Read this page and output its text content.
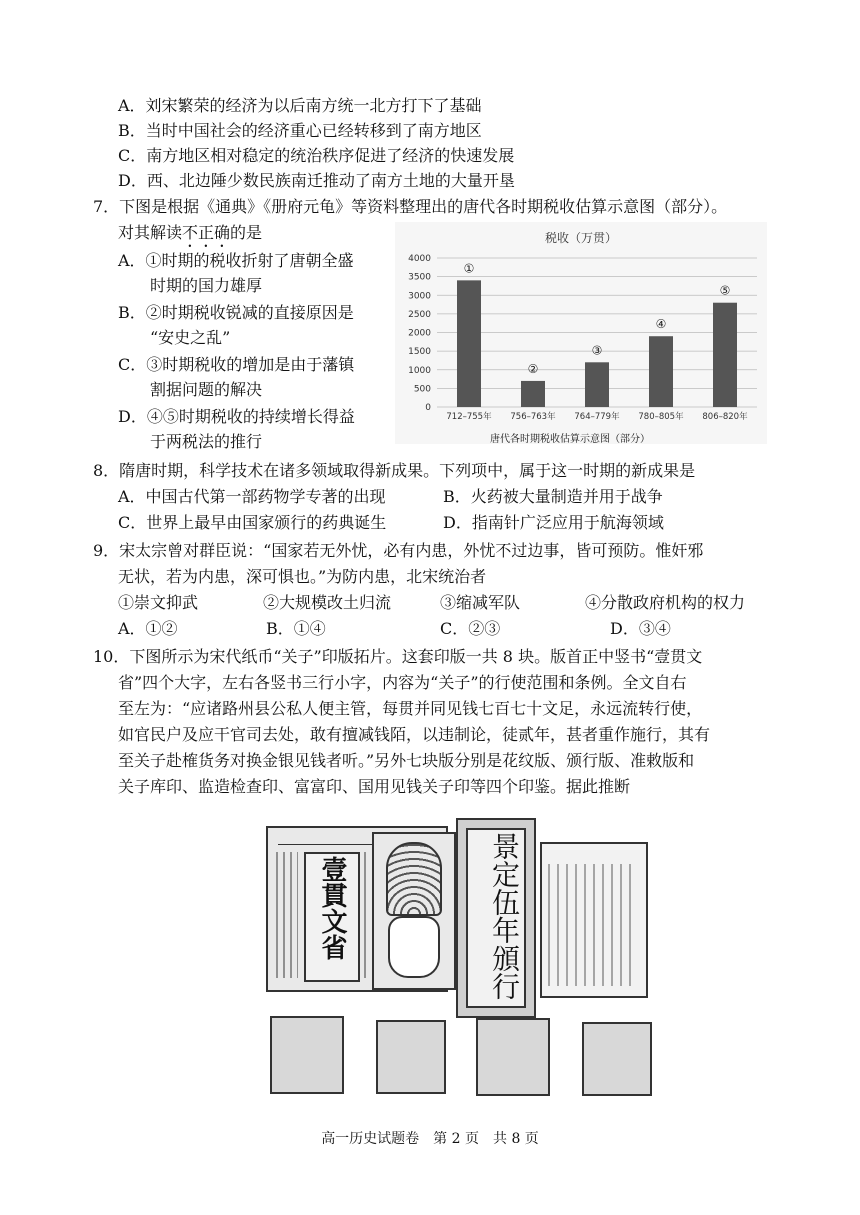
A．刘宋繁荣的经济为以后南方统一北方打下了基础
B．当时中国社会的经济重心已经转移到了南方地区
C．南方地区相对稳定的统治秩序促进了经济的快速发展
D．西、北边陲少数民族南迁推动了南方土地的大量开垦
7．下图是根据《通典》《册府元龟》等资料整理出的唐代各时期税收估算示意图（部分）。
对其解读不正确的是
A．①时期的税收折射了唐朝全盛
　　时期的国力雄厚
B．②时期税收锐减的直接原因是
　　“安史之乱”
C．③时期税收的增加是由于藩镇
　　割据问题的解决
D．④⑤时期税收的持续增长得益
　　于两税法的推行
税收（万贯）
0
500
1000
1500
2000
2500
3000
3500
4000
①
712–755年
②
756–763年
③
764–779年
④
780–805年
⑤
806–820年
唐代各时期税收估算示意图（部分）
8．隋唐时期，科学技术在诸多领域取得新成果。下列项中，属于这一时期的新成果是
A．中国古代第一部药物学专著的出现	B．火药被大量制造并用于战争
C．世界上最早由国家颁行的药典诞生	D．指南针广泛应用于航海领域
9．宋太宗曾对群臣说：“国家若无外忧，必有内患，外忧不过边事，皆可预防。惟奸邪
无状，若为内患，深可惧也。”为防内患，北宋统治者
①崇文抑武	②大规模改土归流	③缩减军队	④分散政府机构的权力
A．①②	B．①④	C．②③	D．③④
10．下图所示为宋代纸币“关子”印版拓片。这套印版一共 8 块。版首正中竖书“壹贯文
省”四个大字，左右各竖书三行小字，内容为“关子”的行使范围和条例。全文自右
至左为：“应诸路州县公私人便主管，每贯并同见钱七百七十文足，永远流转行使，
如官民户及应干官司去处，敢有擅减钱陌，以违制论，徒贰年，甚者重作施行，其有
至关子赴榷货务对换金银见钱者听。”另外七块版分别是花纹版、颁行版、准敕版和
关子库印、监造检查印、富富印、国用见钱关子印等四个印鉴。据此推断
壹貫文省	景定伍年頒行
高一历史试题卷　第 2 页　共 8 页
